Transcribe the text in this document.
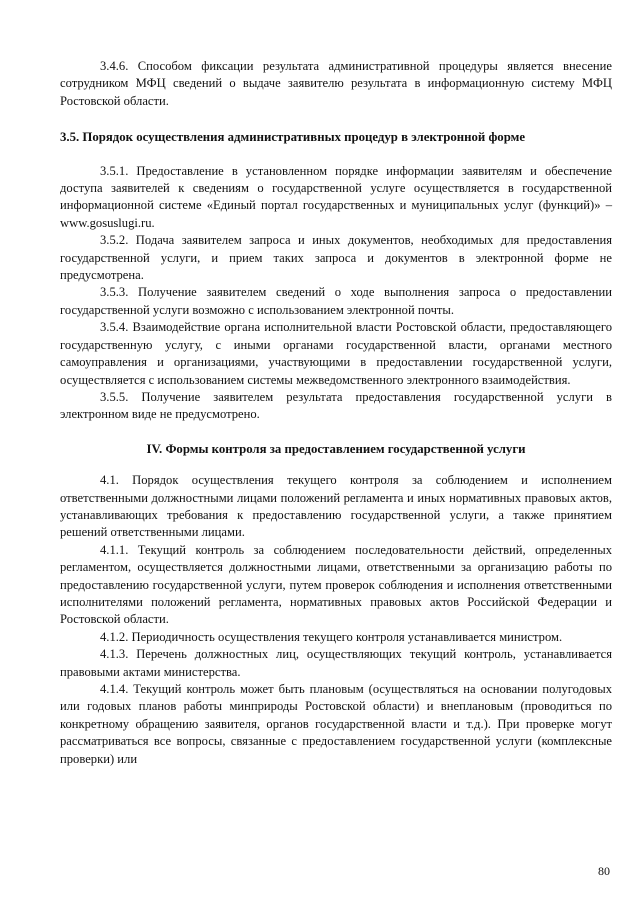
3.4.6. Способом фиксации результата административной процедуры является внесение сотрудником МФЦ сведений о выдаче заявителю результата в информационную систему МФЦ Ростовской области.

3.5. Порядок осуществления административных процедур в электронной форме

3.5.1. Предоставление в установленном порядке информации заявителям и обеспечение доступа заявителей к сведениям о государственной услуге осуществляется в государственной информационной системе «Единый портал государственных и муниципальных услуг (функций)» – www.gosuslugi.ru.

3.5.2. Подача заявителем запроса и иных документов, необходимых для предоставления государственной услуги, и прием таких запроса и документов в электронной форме не предусмотрена.

3.5.3. Получение заявителем сведений о ходе выполнения запроса о предоставлении государственной услуги возможно с использованием электронной почты.

3.5.4. Взаимодействие органа исполнительной власти Ростовской области, предоставляющего государственную услугу, с иными органами государственной власти, органами местного самоуправления и организациями, участвующими в предоставлении государственной услуги, осуществляется с использованием системы межведомственного электронного взаимодействия.

3.5.5. Получение заявителем результата предоставления государственной услуги в электронном виде не предусмотрено.

IV. Формы контроля за предоставлением государственной услуги

4.1. Порядок осуществления текущего контроля за соблюдением и исполнением ответственными должностными лицами положений регламента и иных нормативных правовых актов, устанавливающих требования к предоставлению государственной услуги, а также принятием решений ответственными лицами.

4.1.1. Текущий контроль за соблюдением последовательности действий, определенных регламентом, осуществляется должностными лицами, ответственными за организацию работы по предоставлению государственной услуги, путем проверок соблюдения и исполнения ответственными исполнителями положений регламента, нормативных правовых актов Российской Федерации и Ростовской области.

4.1.2. Периодичность осуществления текущего контроля устанавливается министром.

4.1.3. Перечень должностных лиц, осуществляющих текущий контроль, устанавливается правовыми актами министерства.

4.1.4. Текущий контроль может быть плановым (осуществляться на основании полугодовых или годовых планов работы минприроды Ростовской области) и внеплановым (проводиться по конкретному обращению заявителя, органов государственной власти и т.д.). При проверке могут рассматриваться все вопросы, связанные с предоставлением государственной услуги (комплексные проверки) или

80
